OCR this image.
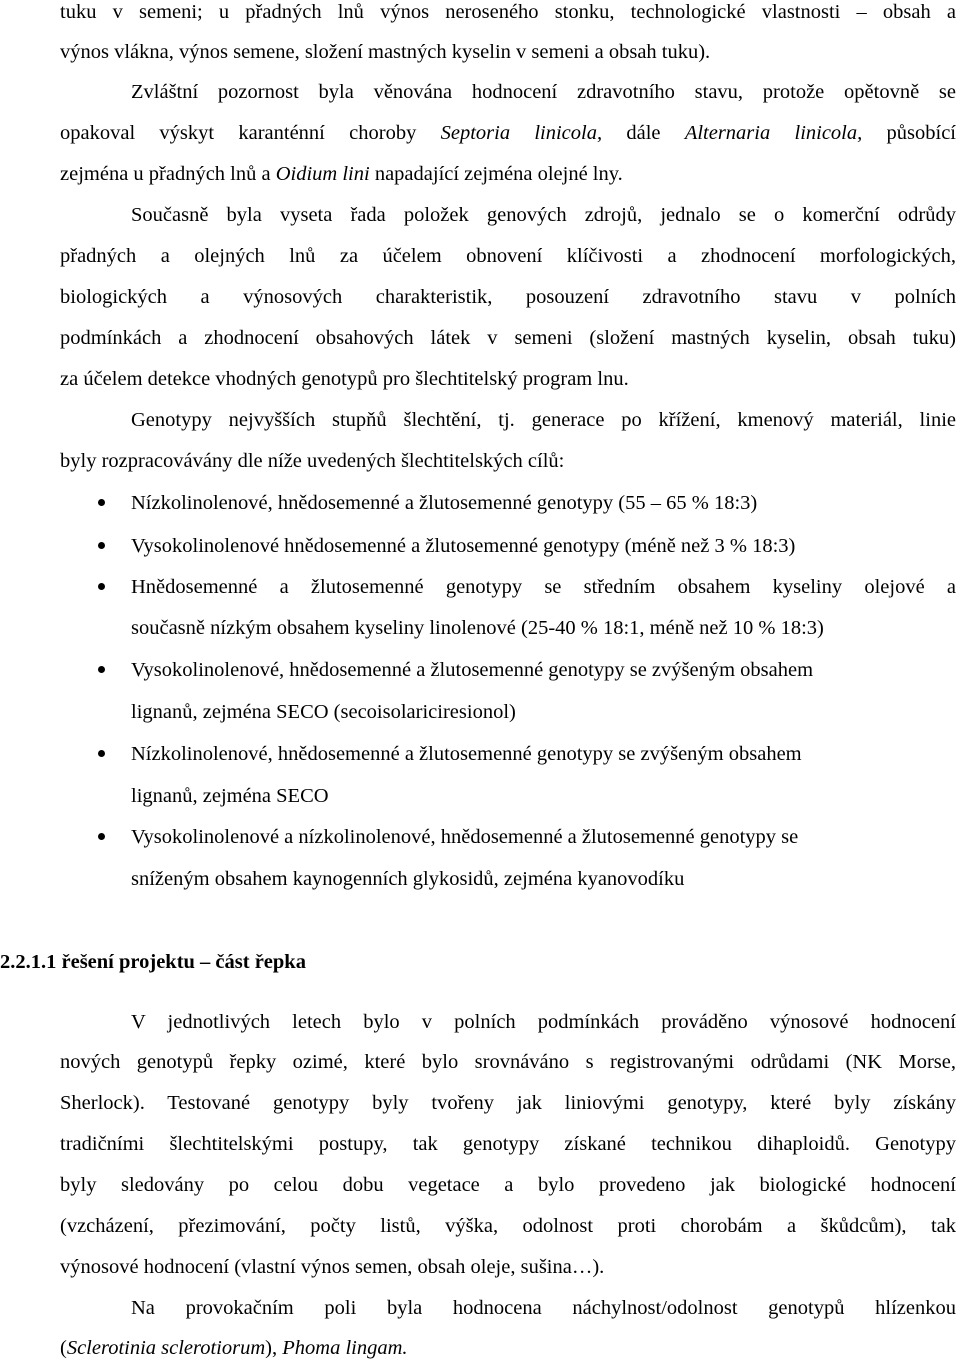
tuku v semeni; u přadných lnů výnos neroseného stonku, technologické vlastnosti – obsah a
výnos vlákna, výnos semene, složení mastných kyselin v semeni a obsah tuku).
Zvláštní pozornost byla věnována hodnocení zdravotního stavu, protože opětovně se
opakoval výskyt karanténní choroby Septoria linicola, dále Alternaria linicola, působící
zejména u přadných lnů a Oidium lini napadající zejména olejné lny.
Současně byla vyseta řada položek genových zdrojů, jednalo se o komerční odrůdy
přadných a olejných lnů za účelem obnovení klíčivosti a zhodnocení morfologických,
biologických a výnosových charakteristik, posouzení zdravotního stavu v polních
podmínkách a zhodnocení obsahových látek v semeni (složení mastných kyselin, obsah tuku)
za účelem detekce vhodných genotypů pro šlechtitelský program lnu.
Genotypy nejvyšších stupňů šlechtění, tj. generace po křížení, kmenový materiál, linie
byly rozpracovávány dle níže uvedených šlechtitelských cílů:
Nízkolinolenové, hnědosemenné a žlutosemenné genotypy (55 – 65 % 18:3)
Vysokolinolenové hnědosemenné a žlutosemenné genotypy (méně než 3 % 18:3)
Hnědosemenné a žlutosemenné genotypy se středním obsahem kyseliny olejové a
současně nízkým obsahem kyseliny linolenové (25-40 % 18:1, méně než 10 % 18:3)
Vysokolinolenové, hnědosemenné a žlutosemenné genotypy se zvýšeným obsahem
lignanů, zejména SECO (secoisolariciresionol)
Nízkolinolenové, hnědosemenné a žlutosemenné genotypy se zvýšeným obsahem
lignanů, zejména SECO
Vysokolinolenové a nízkolinolenové, hnědosemenné a žlutosemenné genotypy se
sníženým obsahem kaynogenních glykosidů, zejména kyanovodíku
2.2.1.1 řešení projektu – část řepka
V jednotlivých letech bylo v polních podmínkách prováděno výnosové hodnocení
nových genotypů řepky ozimé, které bylo srovnáváno s registrovanými odrůdami (NK Morse,
Sherlock). Testované genotypy byly tvořeny jak liniovými genotypy, které byly získány
tradičními šlechtitelskými postupy, tak genotypy získané technikou dihaploidů. Genotypy
byly sledovány po celou dobu vegetace a bylo provedeno jak biologické hodnocení
(vzcházení, přezimování, počty listů, výška, odolnost proti chorobám a škůdcům), tak
výnosové hodnocení (vlastní výnos semen, obsah oleje, sušina…).
Na provokačním poli byla hodnocena náchylnost/odolnost genotypů hlízenkou
(Sclerotinia sclerotiorum), Phoma lingam.
